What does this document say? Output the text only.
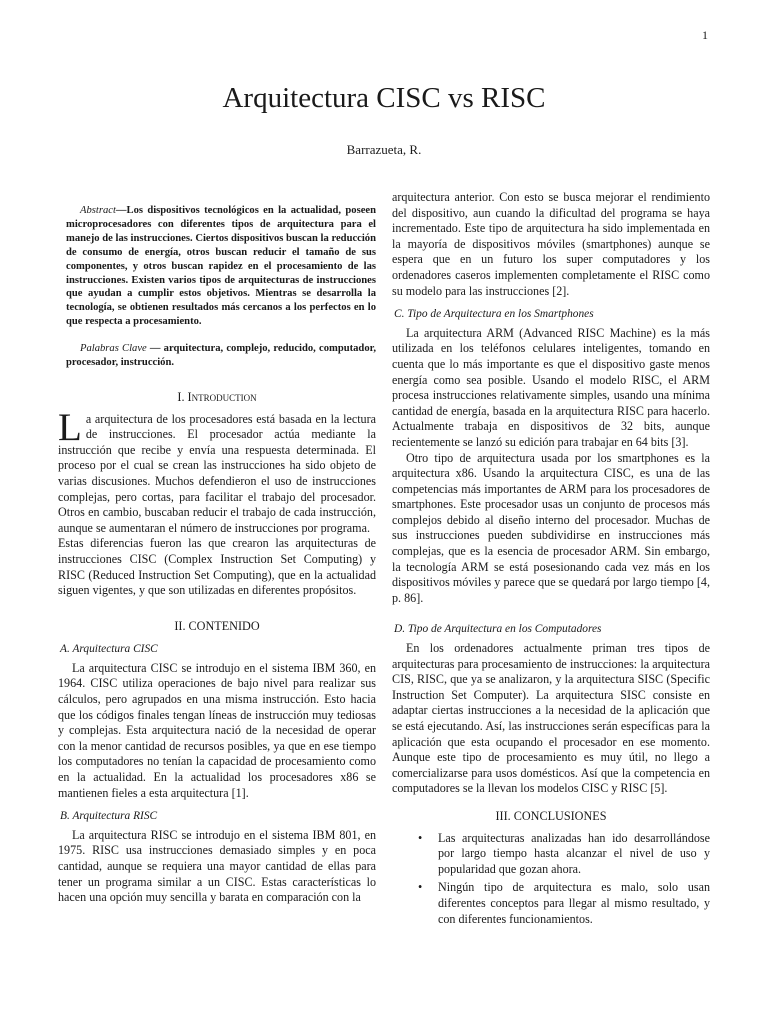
1
Arquitectura CISC vs RISC
Barrazueta, R.

Abstract—Los dispositivos tecnológicos en la actualidad, poseen microprocesadores con diferentes tipos de arquitectura para el manejo de las instrucciones. Ciertos dispositivos buscan la reducción de consumo de energía, otros buscan reducir el tamaño de sus componentes, y otros buscan rapidez en el procesamiento de las instrucciones. Existen varios tipos de arquitecturas de instrucciones que ayudan a cumplir estos objetivos. Mientras se desarrolla la tecnología, se obtienen resultados más cercanos a los perfectos en lo que respecta a procesamiento.

Palabras Clave — arquitectura, complejo, reducido, computador, procesador, instrucción.

I. Introduction

La arquitectura de los procesadores está basada en la lectura de instrucciones. El procesador actúa mediante la instrucción que recibe y envía una respuesta determinada. El proceso por el cual se crean las instrucciones ha sido objeto de varias discusiones. Muchos defendieron el uso de instrucciones complejas, pero cortas, para facilitar el trabajo del procesador. Otros en cambio, buscaban reducir el trabajo de cada instrucción, aunque se aumentaran el número de instrucciones por programa.

Estas diferencias fueron las que crearon las arquitecturas de instrucciones CISC (Complex Instruction Set Computing) y RISC (Reduced Instruction Set Computing), que en la actualidad siguen vigentes, y que son utilizadas en diferentes propósitos.

II. CONTENIDO
A. Arquitectura CISC

La arquitectura CISC se introdujo en el sistema IBM 360, en 1964. CISC utiliza operaciones de bajo nivel para realizar sus cálculos, pero agrupados en una misma instrucción. Esto hacia que los códigos finales tengan líneas de instrucción muy tediosas y complejas. Esta arquitectura nació de la necesidad de operar con la menor cantidad de recursos posibles, ya que en ese tiempo los computadores no tenían la capacidad de procesamiento como en la actualidad. En la actualidad los procesadores x86 se mantienen fieles a esta arquitectura [1].

B. Arquitectura RISC

La arquitectura RISC se introdujo en el sistema IBM 801, en 1975. RISC usa instrucciones demasiado simples y en poca cantidad, aunque se requiera una mayor cantidad de ellas para tener un programa similar a un CISC. Estas características lo hacen una opción muy sencilla y barata en comparación con la

arquitectura anterior. Con esto se busca mejorar el rendimiento del dispositivo, aun cuando la dificultad del programa se haya incrementado. Este tipo de arquitectura ha sido implementada en la mayoría de dispositivos móviles (smartphones) aunque se espera que en un futuro los super computadores y los ordenadores caseros implementen completamente el RISC como su modelo para las instrucciones [2].

C. Tipo de Arquitectura en los Smartphones

La arquitectura ARM (Advanced RISC Machine) es la más utilizada en los teléfonos celulares inteligentes, tomando en cuenta que lo más importante es que el dispositivo gaste menos energía como sea posible. Usando el modelo RISC, el ARM procesa instrucciones relativamente simples, usando una mínima cantidad de energía, basada en la arquitectura RISC para hacerlo. Actualmente trabaja en dispositivos de 32 bits, aunque recientemente se lanzó su edición para trabajar en 64 bits [3].

Otro tipo de arquitectura usada por los smartphones es la arquitectura x86. Usando la arquitectura CISC, es una de las competencias más importantes de ARM para los procesadores de smartphones. Este procesador usas un conjunto de procesos más complejos debido al diseño interno del procesador. Muchas de sus instrucciones pueden subdividirse en instrucciones más complejas, que es la esencia de procesador ARM. Sin embargo, la tecnología ARM se está posesionando cada vez más en los dispositivos móviles y parece que se quedará por largo tiempo [4, p. 86].

D. Tipo de Arquitectura en los Computadores

En los ordenadores actualmente priman tres tipos de arquitecturas para procesamiento de instrucciones: la arquitectura CIS, RISC, que ya se analizaron, y la arquitectura SISC (Specific Instruction Set Computer). La arquitectura SISC consiste en adaptar ciertas instrucciones a la necesidad de la aplicación que se está ejecutando. Así, las instrucciones serán específicas para la aplicación que esta ocupando el procesador en ese momento. Aunque este tipo de procesamiento es muy útil, no llego a comercializarse para usos domésticos. Así que la competencia en computadores se la llevan los modelos CISC y RISC [5].

III. CONCLUSIONES
• Las arquitecturas analizadas han ido desarrollándose por largo tiempo hasta alcanzar el nivel de uso y popularidad que gozan ahora.
• Ningún tipo de arquitectura es malo, solo usan diferentes conceptos para llegar al mismo resultado, y con diferentes funcionamientos.
